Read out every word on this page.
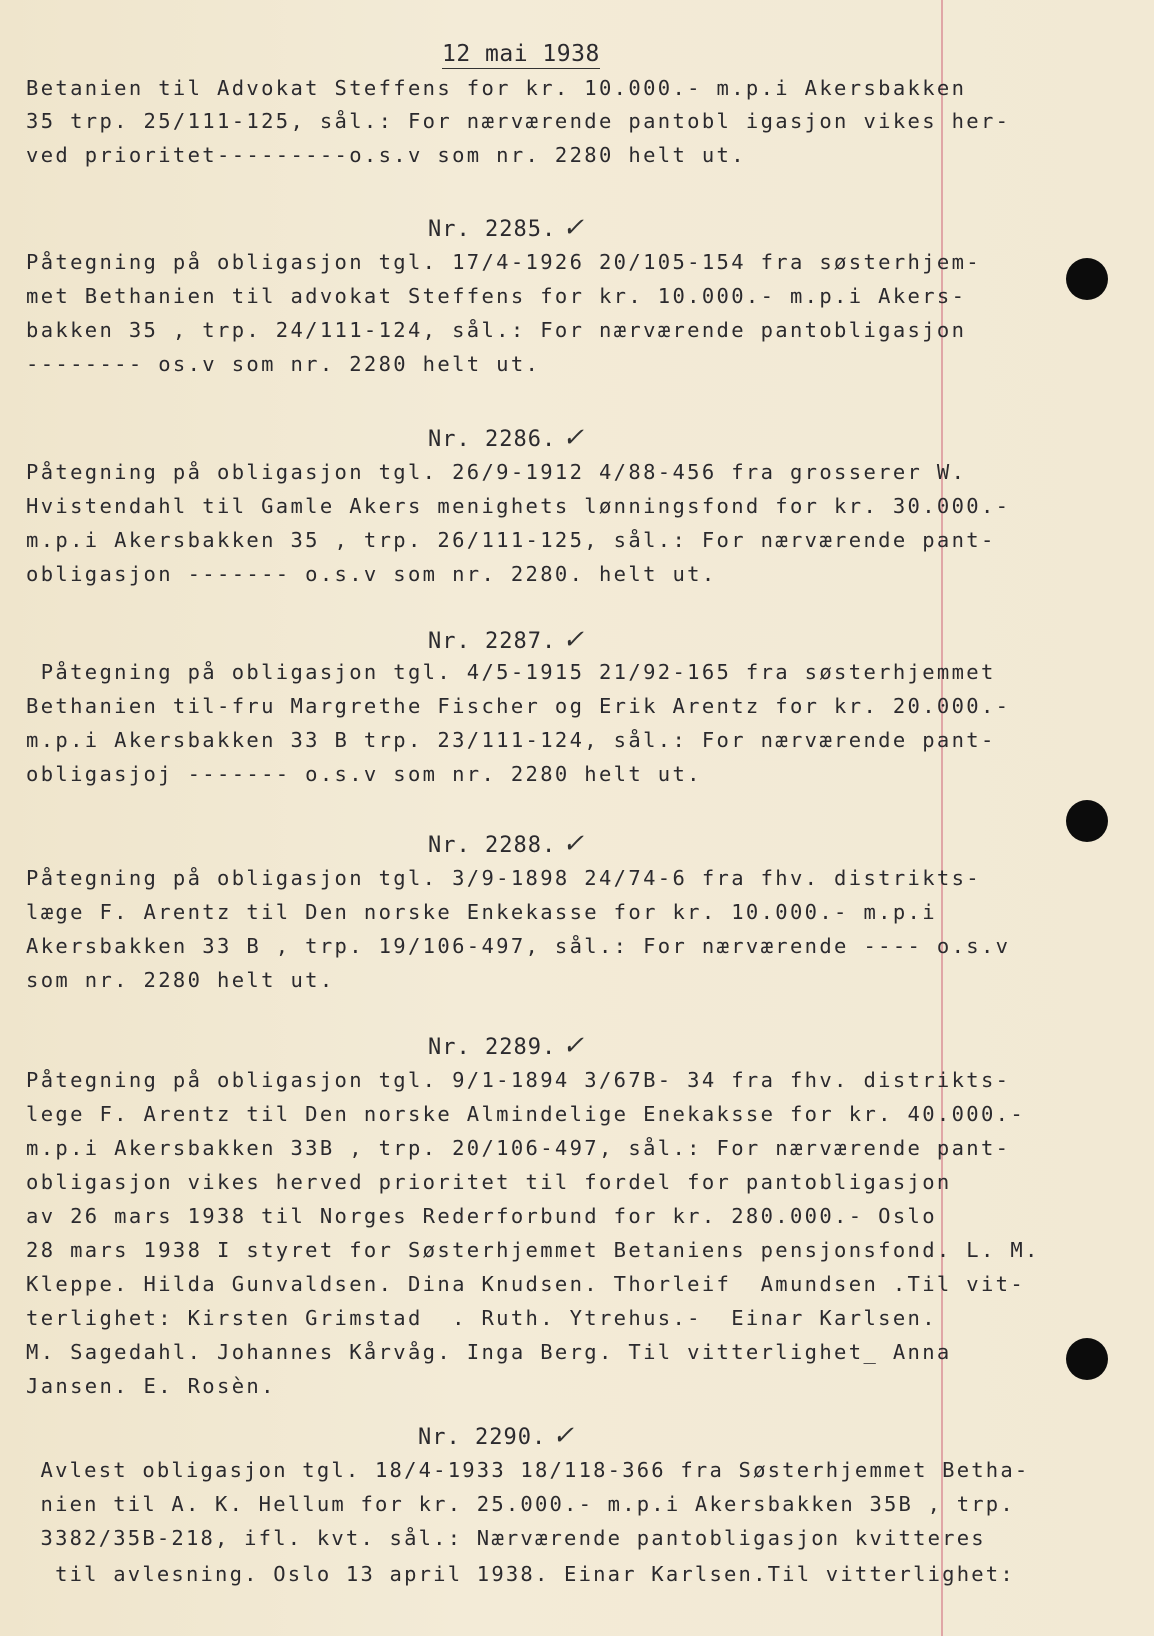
12 mai 1938
Betanien til Advokat Steffens for kr. 10.000.- m.p.i Akersbakken
35 trp. 25/111-125, sål.: For nærværende pantobl igasjon vikes her-
ved prioritet---------o.s.v som nr. 2280 helt ut.
Nr. 2285. ✓
Påtegning på obligasjon tgl. 17/4-1926 20/105-154 fra søsterhjem-
met Bethanien til advokat Steffens for kr. 10.000.- m.p.i Akers-
bakken 35 , trp. 24/111-124, sål.: For nærværende pantobligasjon
-------- os.v som nr. 2280 helt ut.
Nr. 2286. ✓
Påtegning på obligasjon tgl. 26/9-1912 4/88-456 fra grosserer W.
Hvistendahl til Gamle Akers menighets lønningsfond for kr. 30.000.-
m.p.i Akersbakken 35 , trp. 26/111-125, sål.: For nærværende pant-
obligasjon ------- o.s.v som nr. 2280. helt ut.
Nr. 2287. ✓
Påtegning på obligasjon tgl. 4/5-1915 21/92-165 fra søsterhjemmet
Bethanien til-fru Margrethe Fischer og Erik Arentz for kr. 20.000.-
m.p.i Akersbakken 33 B trp. 23/111-124, sål.: For nærværende pant-
obligasjoj ------- o.s.v som nr. 2280 helt ut.
Nr. 2288. ✓
Påtegning på obligasjon tgl. 3/9-1898 24/74-6 fra fhv. distrikts-
læge F. Arentz til Den norske Enkekasse for kr. 10.000.- m.p.i
Akersbakken 33 B , trp. 19/106-497, sål.: For nærværende ---- o.s.v
som nr. 2280 helt ut.
Nr. 2289. ✓
Påtegning på obligasjon tgl. 9/1-1894 3/67B- 34 fra fhv. distrikts-
lege F. Arentz til Den norske Almindelige Enekaksse for kr. 40.000.-
m.p.i Akersbakken 33B , trp. 20/106-497, sål.: For nærværende pant-
obligasjon vikes herved prioritet til fordel for pantobligasjon
av 26 mars 1938 til Norges Rederforbund for kr. 280.000.- Oslo
28 mars 1938 I styret for Søsterhjemmet Betaniens pensjonsfond. L. M.
Kleppe. Hilda Gunvaldsen. Dina Knudsen. Thorleif  Amundsen .Til vit-
terlighet: Kirsten Grimstad  . Ruth. Ytrehus.-  Einar Karlsen.
M. Sagedahl. Johannes Kårvåg. Inga Berg. Til vitterlighet_ Anna
Jansen. E. Rosèn.
Nr. 2290. ✓
Avlest obligasjon tgl. 18/4-1933 18/118-366 fra Søsterhjemmet Betha-
nien til A. K. Hellum for kr. 25.000.- m.p.i Akersbakken 35B , trp.
3382/35B-218, ifl. kvt. sål.: Nærværende pantobligasjon kvitteres
til avlesning. Oslo 13 april 1938. Einar Karlsen.Til vitterlighet:
